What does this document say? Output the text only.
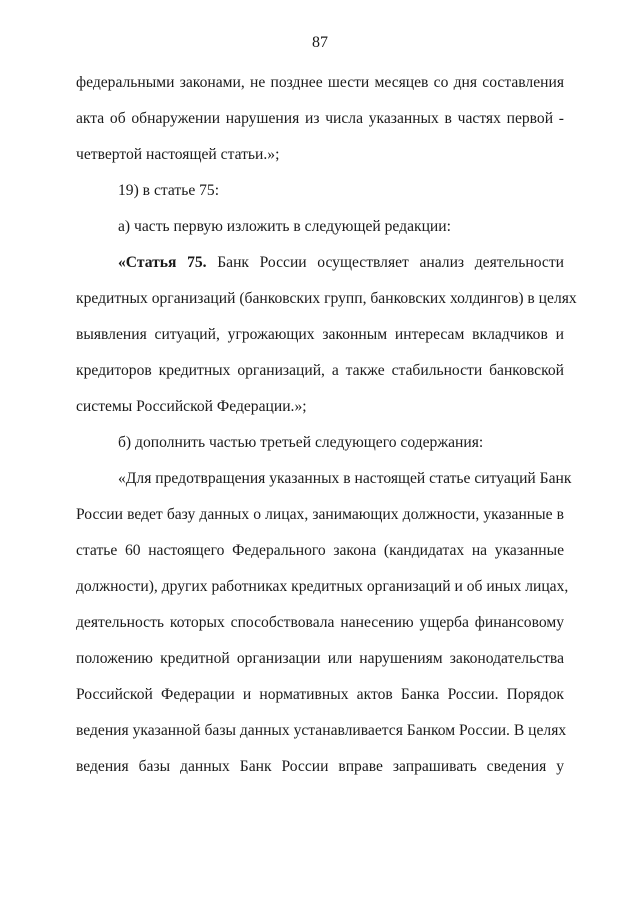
87
федеральными законами, не позднее шести месяцев со дня составления
акта об обнаружении нарушения из числа указанных в частях первой -
четвертой настоящей статьи.»;
19) в статье 75:
а) часть первую изложить в следующей редакции:
«Статья 75. Банк России осуществляет анализ деятельности
кредитных организаций (банковских групп, банковских холдингов) в целях
выявления ситуаций, угрожающих законным интересам вкладчиков и
кредиторов кредитных организаций, а также стабильности банковской
системы Российской Федерации.»;
б) дополнить частью третьей следующего содержания:
«Для предотвращения указанных в настоящей статье ситуаций Банк
России ведет базу данных о лицах, занимающих должности, указанные в
статье 60 настоящего Федерального закона (кандидатах на указанные
должности), других работниках кредитных организаций и об иных лицах,
деятельность которых способствовала нанесению ущерба финансовому
положению кредитной организации или нарушениям законодательства
Российской Федерации и нормативных актов Банка России. Порядок
ведения указанной базы данных устанавливается Банком России. В целях
ведения базы данных Банк России вправе запрашивать сведения у
